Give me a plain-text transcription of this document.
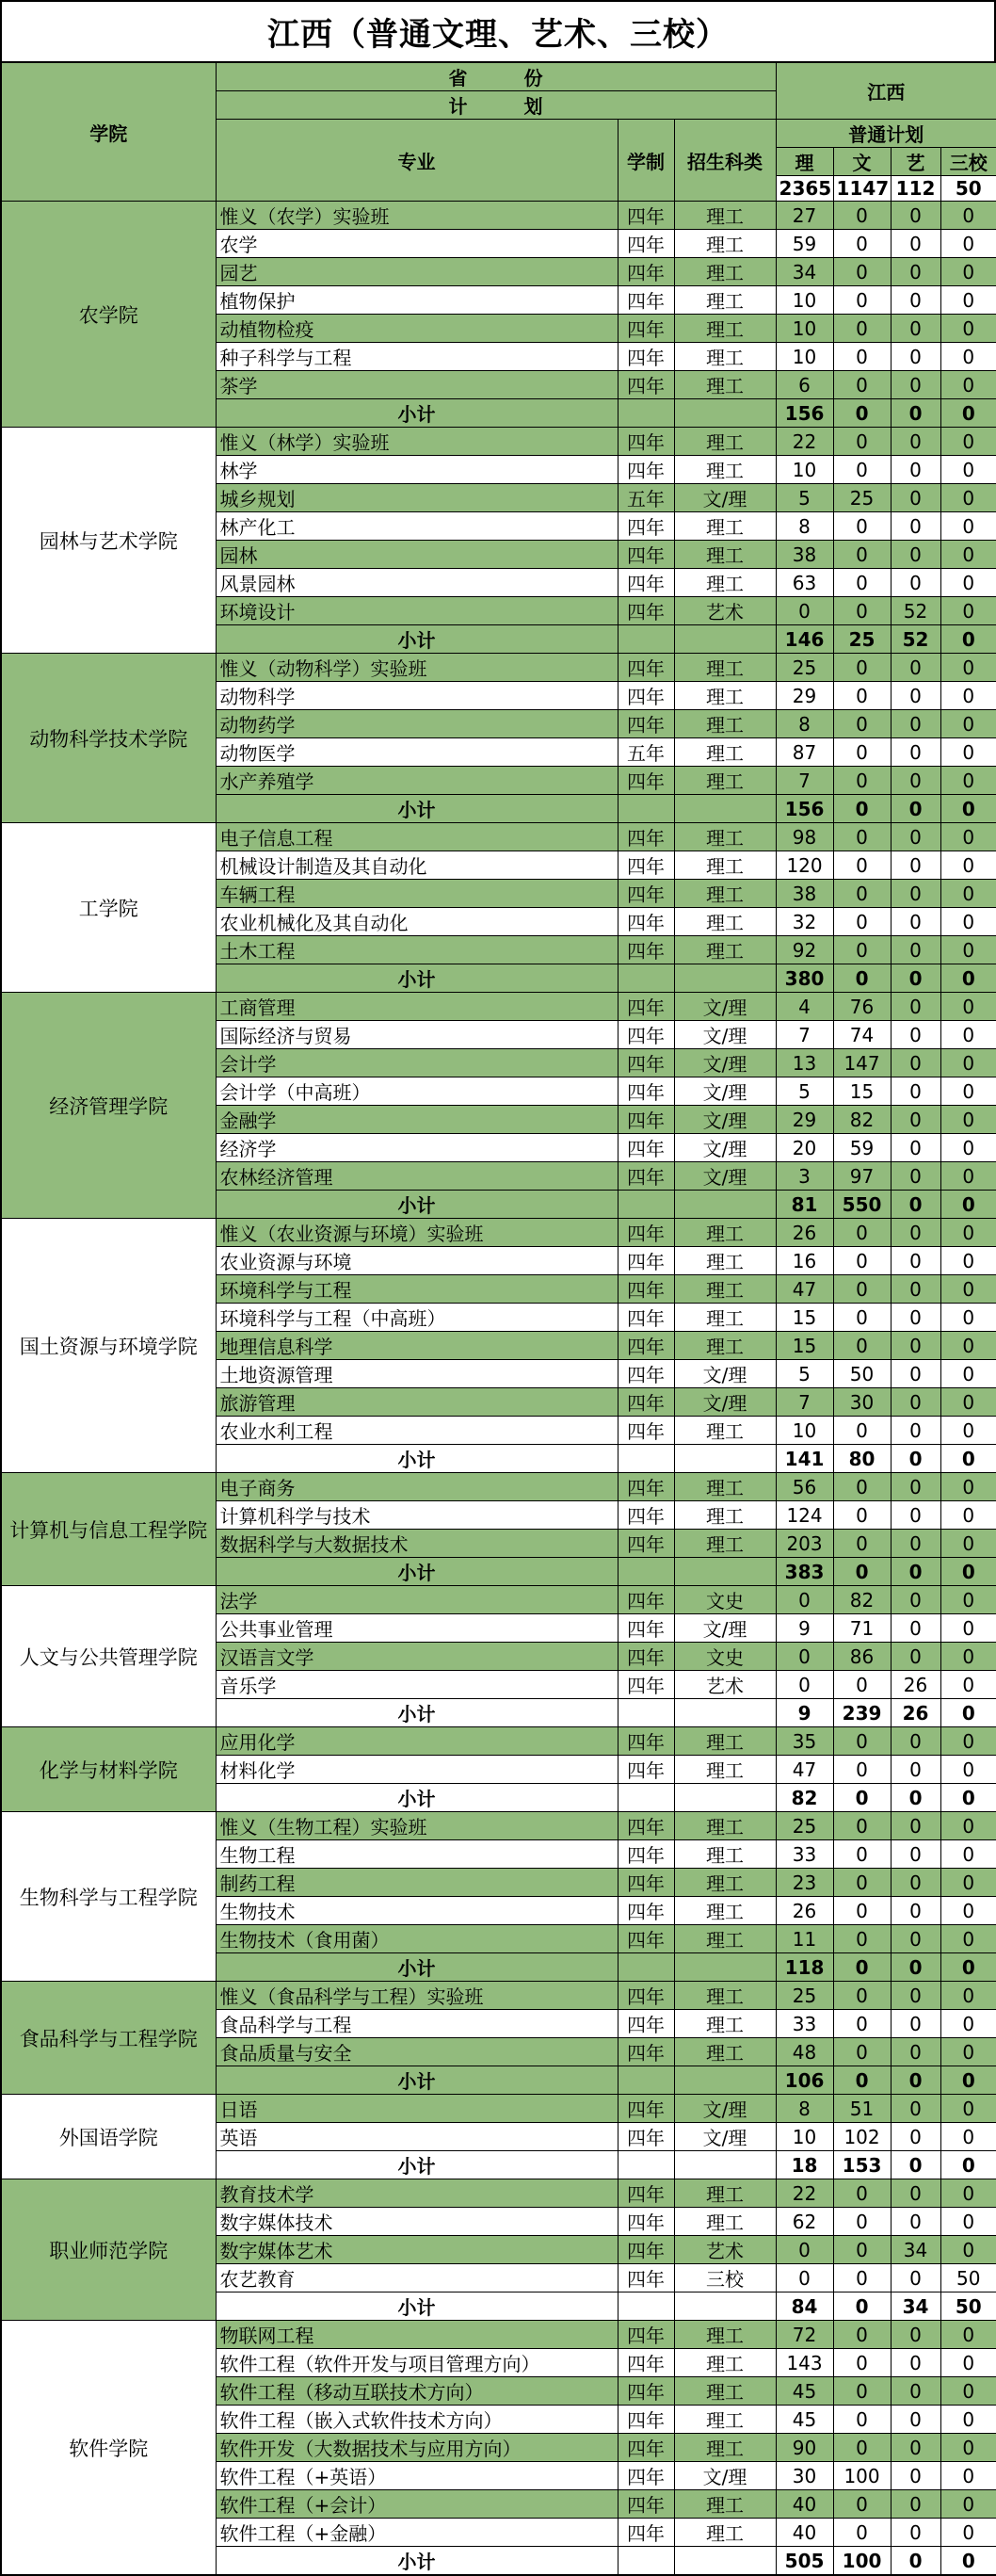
江西（普通文理、艺术、三校）
学院	省　　　份			江西			
	计　　　划						
	专业	学制	招生科类	普通计划			
				理	文	艺	三校
				2365	1147	112	50
农学院	惟义（农学）实验班	四年	理工	27	0	0	0
	农学	四年	理工	59	0	0	0
	园艺	四年	理工	34	0	0	0
	植物保护	四年	理工	10	0	0	0
	动植物检疫	四年	理工	10	0	0	0
	种子科学与工程	四年	理工	10	0	0	0
	茶学	四年	理工	6	0	0	0
	小计			156	0	0	0
园林与艺术学院	惟义（林学）实验班	四年	理工	22	0	0	0
	林学	四年	理工	10	0	0	0
	城乡规划	五年	文/理	5	25	0	0
	林产化工	四年	理工	8	0	0	0
	园林	四年	理工	38	0	0	0
	风景园林	四年	理工	63	0	0	0
	环境设计	四年	艺术	0	0	52	0
	小计			146	25	52	0
动物科学技术学院	惟义（动物科学）实验班	四年	理工	25	0	0	0
	动物科学	四年	理工	29	0	0	0
	动物药学	四年	理工	8	0	0	0
	动物医学	五年	理工	87	0	0	0
	水产养殖学	四年	理工	7	0	0	0
	小计			156	0	0	0
工学院	电子信息工程	四年	理工	98	0	0	0
	机械设计制造及其自动化	四年	理工	120	0	0	0
	车辆工程	四年	理工	38	0	0	0
	农业机械化及其自动化	四年	理工	32	0	0	0
	土木工程	四年	理工	92	0	0	0
	小计			380	0	0	0
经济管理学院	工商管理	四年	文/理	4	76	0	0
	国际经济与贸易	四年	文/理	7	74	0	0
	会计学	四年	文/理	13	147	0	0
	会计学（中高班）	四年	文/理	5	15	0	0
	金融学	四年	文/理	29	82	0	0
	经济学	四年	文/理	20	59	0	0
	农林经济管理	四年	文/理	3	97	0	0
	小计			81	550	0	0
国土资源与环境学院	惟义（农业资源与环境）实验班	四年	理工	26	0	0	0
	农业资源与环境	四年	理工	16	0	0	0
	环境科学与工程	四年	理工	47	0	0	0
	环境科学与工程（中高班）	四年	理工	15	0	0	0
	地理信息科学	四年	理工	15	0	0	0
	土地资源管理	四年	文/理	5	50	0	0
	旅游管理	四年	文/理	7	30	0	0
	农业水利工程	四年	理工	10	0	0	0
	小计			141	80	0	0
计算机与信息工程学院	电子商务	四年	理工	56	0	0	0
	计算机科学与技术	四年	理工	124	0	0	0
	数据科学与大数据技术	四年	理工	203	0	0	0
	小计			383	0	0	0
人文与公共管理学院	法学	四年	文史	0	82	0	0
	公共事业管理	四年	文/理	9	71	0	0
	汉语言文学	四年	文史	0	86	0	0
	音乐学	四年	艺术	0	0	26	0
	小计			9	239	26	0
化学与材料学院	应用化学	四年	理工	35	0	0	0
	材料化学	四年	理工	47	0	0	0
	小计			82	0	0	0
生物科学与工程学院	惟义（生物工程）实验班	四年	理工	25	0	0	0
	生物工程	四年	理工	33	0	0	0
	制药工程	四年	理工	23	0	0	0
	生物技术	四年	理工	26	0	0	0
	生物技术（食用菌）	四年	理工	11	0	0	0
	小计			118	0	0	0
食品科学与工程学院	惟义（食品科学与工程）实验班	四年	理工	25	0	0	0
	食品科学与工程	四年	理工	33	0	0	0
	食品质量与安全	四年	理工	48	0	0	0
	小计			106	0	0	0
外国语学院	日语	四年	文/理	8	51	0	0
	英语	四年	文/理	10	102	0	0
	小计			18	153	0	0
职业师范学院	教育技术学	四年	理工	22	0	0	0
	数字媒体技术	四年	理工	62	0	0	0
	数字媒体艺术	四年	艺术	0	0	34	0
	农艺教育	四年	三校	0	0	0	50
	小计			84	0	34	50
软件学院	物联网工程	四年	理工	72	0	0	0
	软件工程（软件开发与项目管理方向）	四年	理工	143	0	0	0
	软件工程（移动互联技术方向）	四年	理工	45	0	0	0
	软件工程（嵌入式软件技术方向）	四年	理工	45	0	0	0
	软件开发（大数据技术与应用方向）	四年	理工	90	0	0	0
	软件工程（+英语）	四年	文/理	30	100	0	0
	软件工程（+会计）	四年	理工	40	0	0	0
	软件工程（+金融）	四年	理工	40	0	0	0
	小计			505	100	0	0
